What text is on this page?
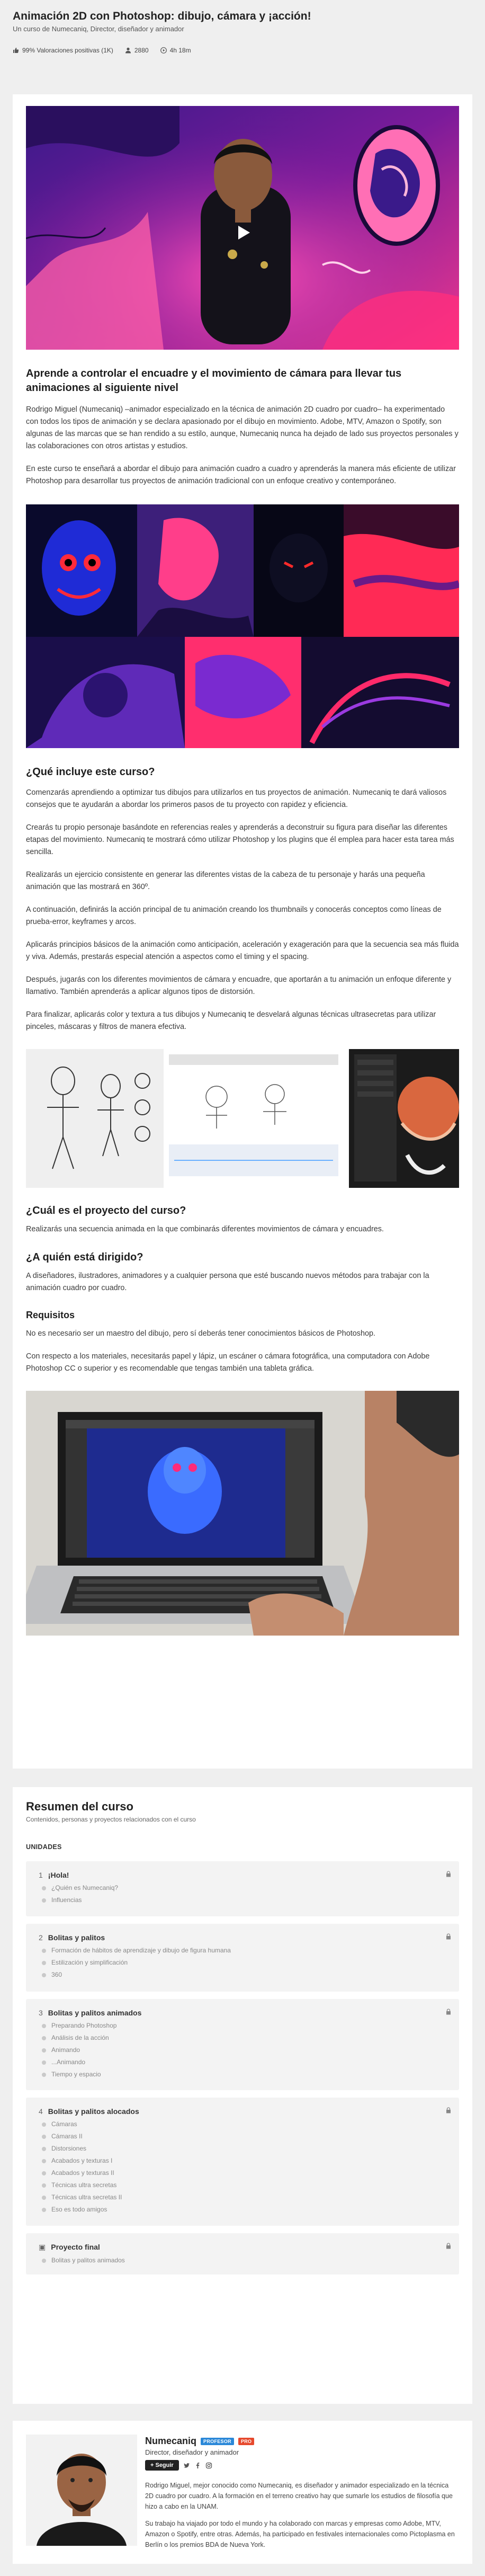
Animación 2D con Photoshop: dibujo, cámara y ¡acción!
Un curso de Numecaniq, Director, diseñador y animador
99% Valoraciones positivas (1K)	2880	4h 18m
Aprende a controlar el encuadre y el movimiento de cámara para llevar tus animaciones al siguiente nivel

Rodrigo Miguel (Numecaniq) –animador especializado en la técnica de animación 2D cuadro por cuadro– ha experimentado con todos los tipos de animación y se declara apasionado por el dibujo en movimiento. Adobe, MTV, Amazon o Spotify, son algunas de las marcas que se han rendido a su estilo, aunque, Numecaniq nunca ha dejado de lado sus proyectos personales y las colaboraciones con otros artistas y estudios.

En este curso te enseñará a abordar el dibujo para animación cuadro a cuadro y aprenderás la manera más eficiente de utilizar Photoshop para desarrollar tus proyectos de animación tradicional con un enfoque creativo y contemporáneo.

¿Qué incluye este curso?

Comenzarás aprendiendo a optimizar tus dibujos para utilizarlos en tus proyectos de animación. Numecaniq te dará valiosos consejos que te ayudarán a abordar los primeros pasos de tu proyecto con rapidez y eficiencia.

Crearás tu propio personaje basándote en referencias reales y aprenderás a deconstruir su figura para diseñar las diferentes etapas del movimiento. Numecaniq te mostrará cómo utilizar Photoshop y los plugins que él emplea para hacer esta tarea más sencilla.

Realizarás un ejercicio consistente en generar las diferentes vistas de la cabeza de tu personaje y harás una pequeña animación que las mostrará en 360º.

A continuación, definirás la acción principal de tu animación creando los thumbnails y conocerás conceptos como líneas de prueba-error, keyframes y arcos.

Aplicarás principios básicos de la animación como anticipación, aceleración y exageración para que la secuencia sea más fluida y viva. Además, prestarás especial atención a aspectos como el timing y el spacing.

Después, jugarás con los diferentes movimientos de cámara y encuadre, que aportarán a tu animación un enfoque diferente y llamativo. También aprenderás a aplicar algunos tipos de distorsión.

Para finalizar, aplicarás color y textura a tus dibujos y Numecaniq te desvelará algunas técnicas ultrasecretas para utilizar pinceles, máscaras y filtros de manera efectiva.

¿Cuál es el proyecto del curso?

Realizarás una secuencia animada en la que combinarás diferentes movimientos de cámara y encuadres.

¿A quién está dirigido?

A diseñadores, ilustradores, animadores y a cualquier persona que esté buscando nuevos métodos para trabajar con la animación cuadro por cuadro.

Requisitos

No es necesario ser un maestro del dibujo, pero sí deberás tener conocimientos básicos de Photoshop.

Con respecto a los materiales, necesitarás papel y lápiz, un escáner o cámara fotográfica, una computadora con Adobe Photoshop CC o superior y es recomendable que tengas también una tableta gráfica.

Resumen del curso
Contenidos, personas y proyectos relacionados con el curso
UNIDADES
1 ¡Hola!
¿Quién es Numecaniq?
Influencias
2 Bolitas y palitos
Formación de hábitos de aprendizaje y dibujo de figura humana
Estilización y simplificación
360
3 Bolitas y palitos animados
Preparando Photoshop
Análisis de la acción
Animando
...Animando
Tiempo y espacio
4 Bolitas y palitos alocados
Cámaras
Cámaras II
Distorsiones
Acabados y texturas I
Acabados y texturas II
Técnicas ultra secretas
Técnicas ultra secretas II
Eso es todo amigos
▣ Proyecto final
Bolitas y palitos animados
Numecaniq	PROFESOR	PRO
Director, diseñador y animador
+ Seguir

Rodrigo Miguel, mejor conocido como Numecaniq, es diseñador y animador especializado en la técnica 2D cuadro por cuadro. A la formación en el terreno creativo hay que sumarle los estudios de filosofía que hizo a cabo en la UNAM.

Su trabajo ha viajado por todo el mundo y ha colaborado con marcas y empresas como Adobe, MTV, Amazon o Spotify, entre otras. Además, ha participado en festivales internacionales como Pictoplasma en Berlín o los premios BDA de Nueva York.
